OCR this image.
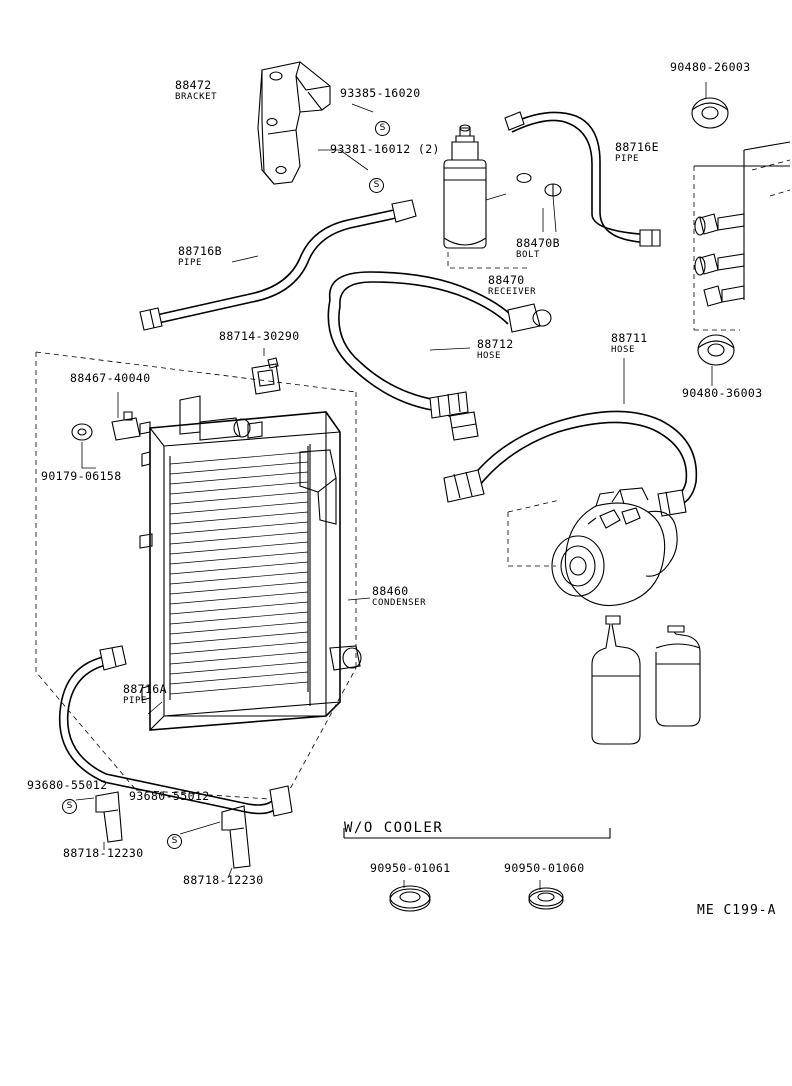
88472
BRACKET	93385-16020
93381-16012 (2)
90480-26003
88716E
PIPE
88716B
PIPE
88470B
BOLT
88470
RECEIVER
88714-30290
88712
HOSE
88711
HOSE
90480-36003
88467-40040
90179-06158
88460
CONDENSER
88716A
PIPE
93680-55012
93680-55012
88718-12230
88718-12230
90950-01061	90950-01060
W/O COOLER
ME C199-A
S
S
S
S
